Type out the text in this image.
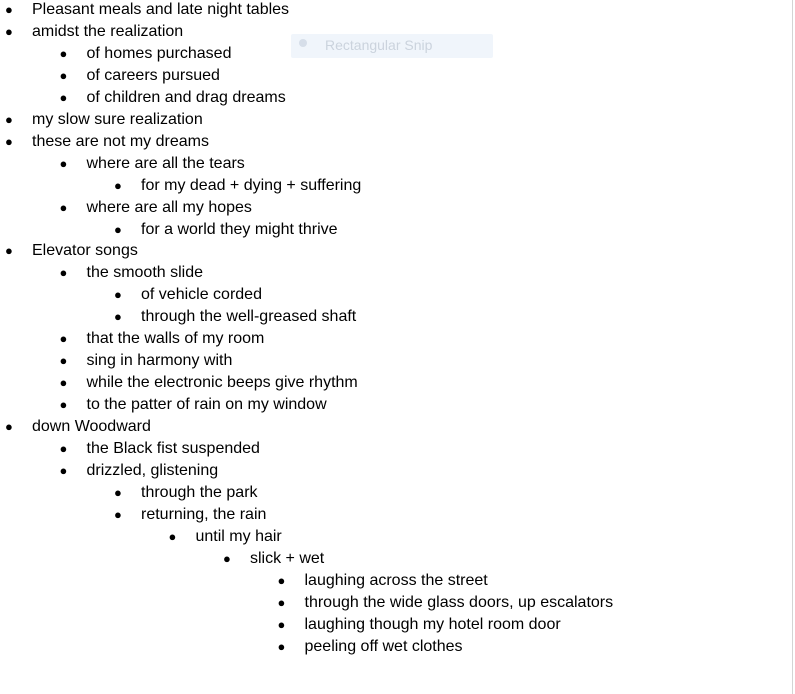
● Pleasant meals and late night tables
● amidst the realization
● of homes purchased
● of careers pursued
● of children and drag dreams
● my slow sure realization
● these are not my dreams
● where are all the tears
● for my dead + dying + suffering
● where are all my hopes
● for a world they might thrive
● Elevator songs
● the smooth slide
● of vehicle corded
● through the well-greased shaft
● that the walls of my room
● sing in harmony with
● while the electronic beeps give rhythm
● to the patter of rain on my window
● down Woodward
● the Black fist suspended
● drizzled, glistening
● through the park
● returning, the rain
● until my hair
● slick + wet
● laughing across the street
● through the wide glass doors, up escalators
● laughing though my hotel room door
● peeling off wet clothes
Rectangular Snip
